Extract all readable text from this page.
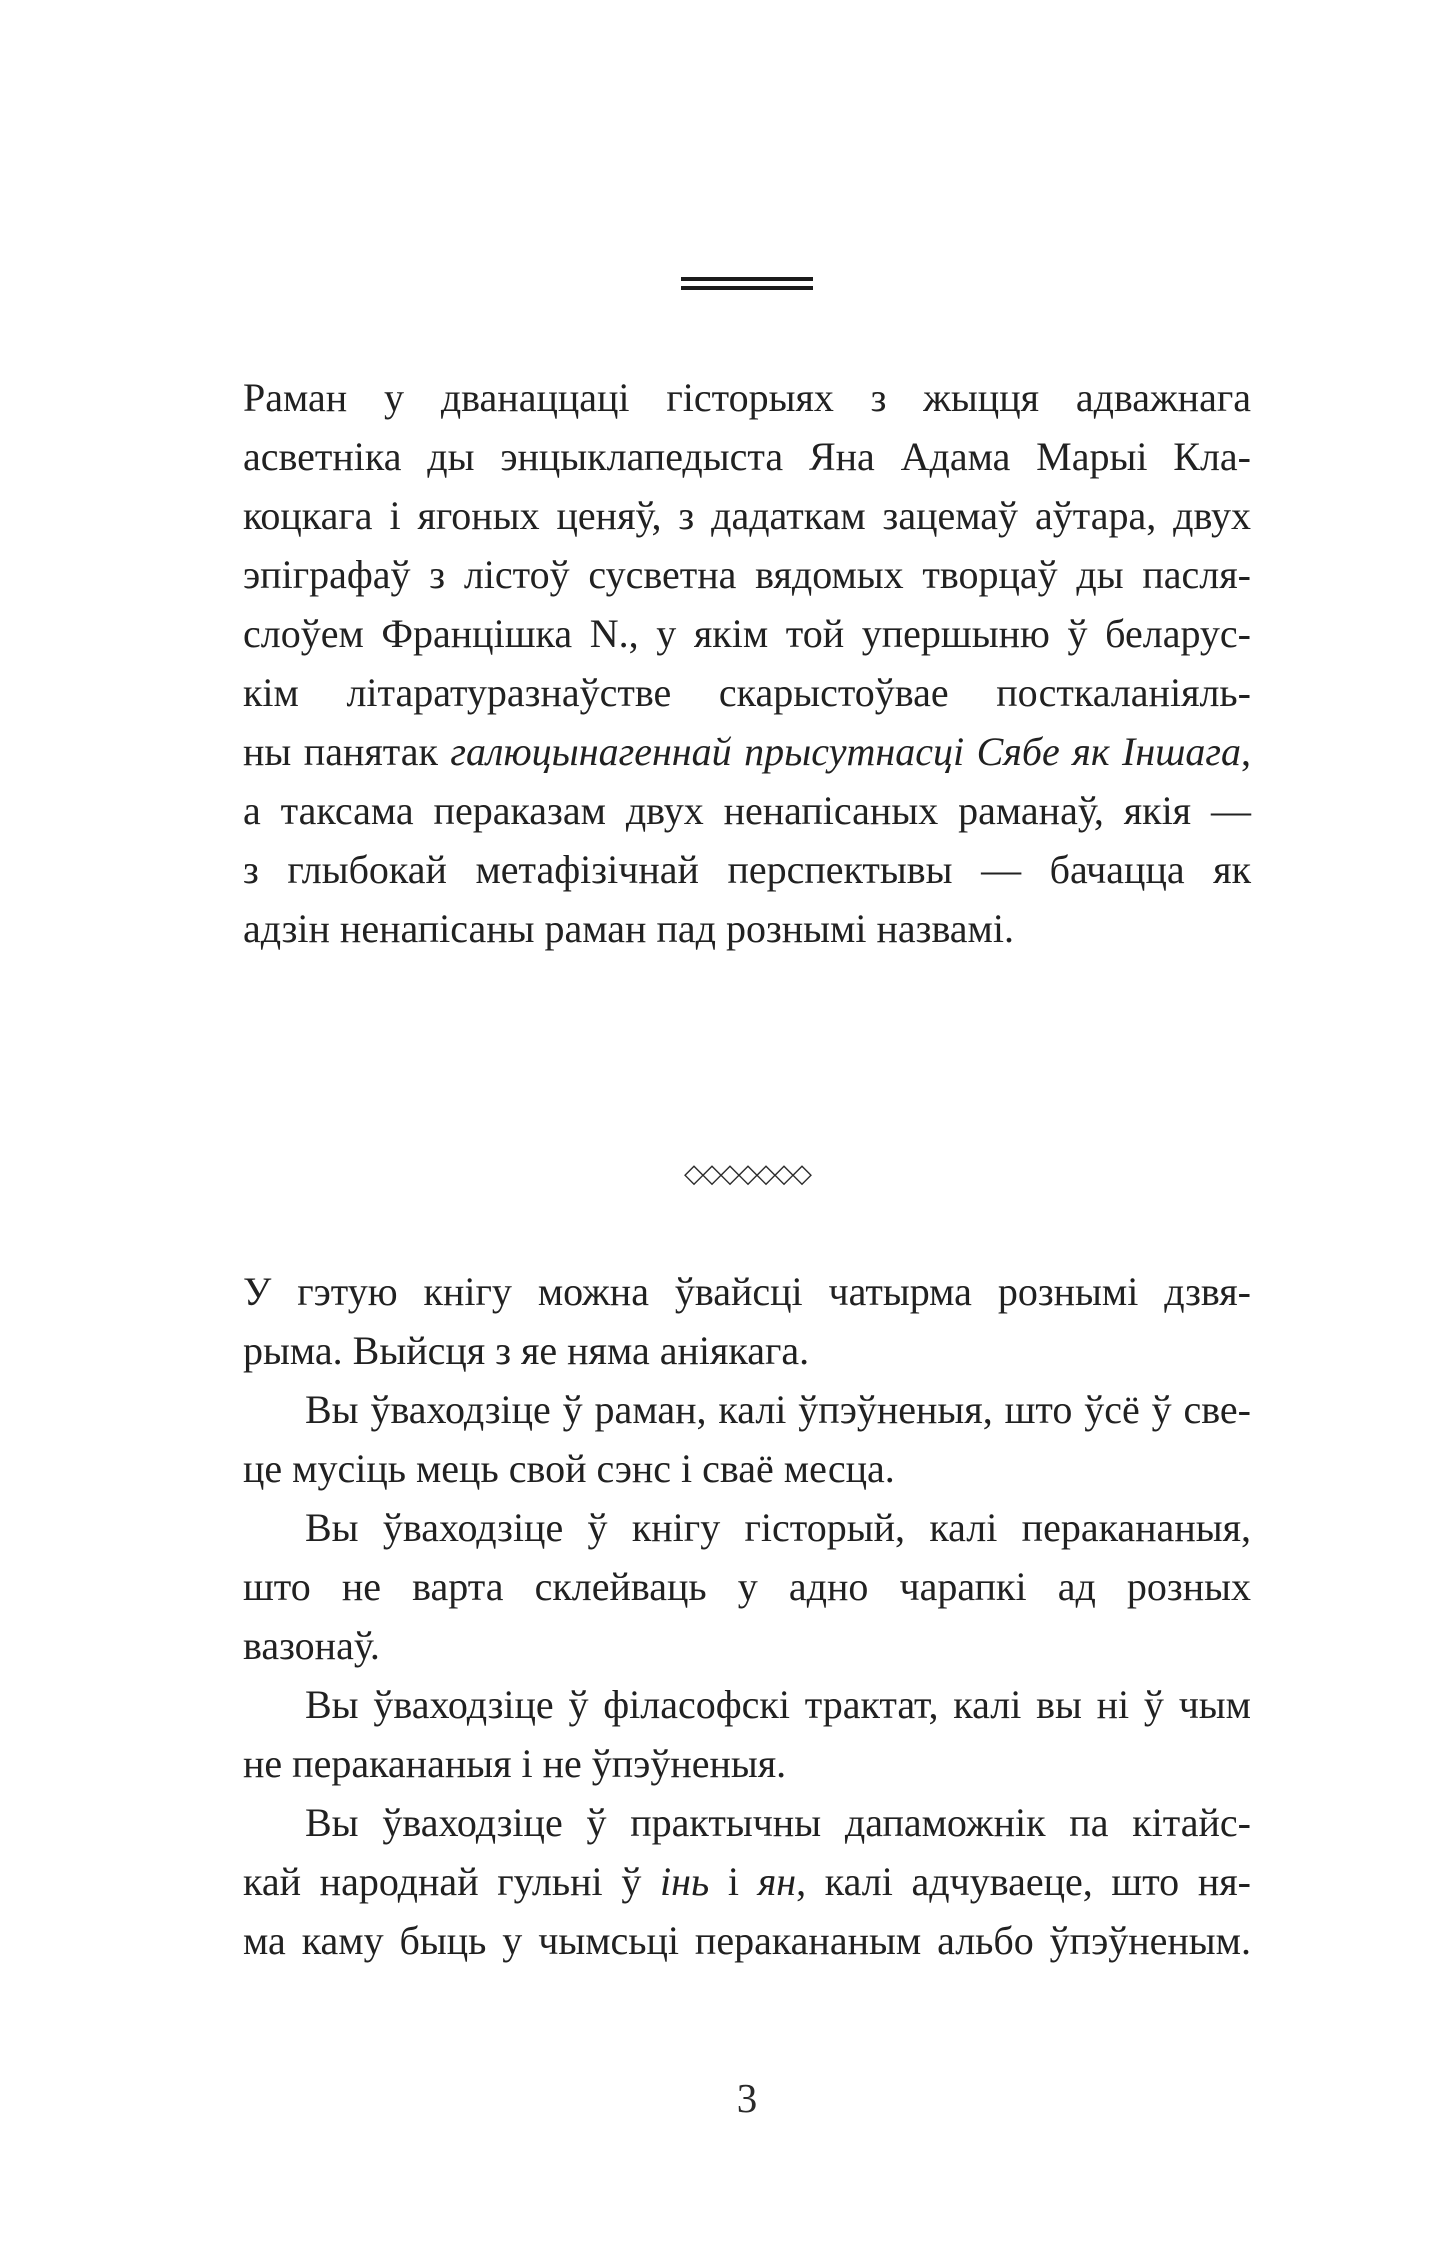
Раман у дванаццаці гісторыях з жыцця адважнага
асветніка ды энцыклапедыста Яна Адама Марыі Кла-
коцкага і ягоных ценяў, з дадаткам зацемаў аўтара, двух
эпіграфаў з лістоў сусветна вядомых творцаў ды пасля-
слоўем Францішка N., у якім той упершыню ў беларус-
кім літаратуразнаўстве скарыстоўвае посткаланіяль-
ны панятак галюцынагеннай прысутнасці Сябе як Іншага,
а таксама пераказам двух ненапісаных раманаў, якія —
з глыбокай метафізічнай перспектывы — бачацца як
адзін ненапісаны раман пад рознымі назвамі.
◇◇◇◇◇◇◇
У гэтую кнігу можна ўвайсці чатырма рознымі дзвя-
рыма. Выйсця з яе няма аніякага.
Вы ўваходзіце ў раман, калі ўпэўненыя, што ўсё ў све-
це мусіць мець свой сэнс і сваё месца.
Вы ўваходзіце ў кнігу гісторый, калі перакананыя,
што не варта склейваць у адно чарапкі ад розных
вазонаў.
Вы ўваходзіце ў філасофскі трактат, калі вы ні ў чым
не перакананыя і не ўпэўненыя.
Вы ўваходзіце ў практычны дапаможнік па кітайс-
кай народнай гульні ў інь і ян, калі адчуваеце, што ня-
ма каму быць у чымсьці перакананым альбо ўпэўненым.
3
